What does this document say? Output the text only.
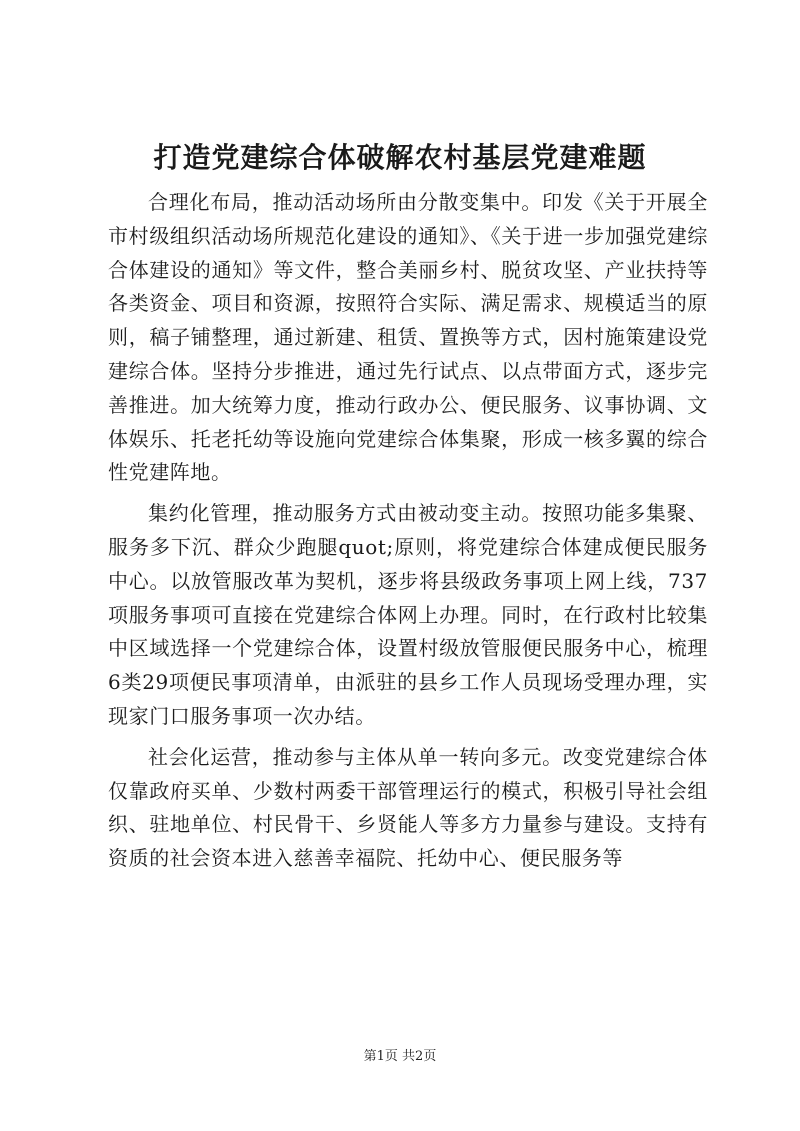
打造党建综合体破解农村基层党建难题

合理化布局，推动活动场所由分散变集中。印发《关于开展全市村级组织活动场所规范化建设的通知》、《关于进一步加强党建综合体建设的通知》等文件，整合美丽乡村、脱贫攻坚、产业扶持等各类资金、项目和资源，按照符合实际、满足需求、规模适当的原则，稿子铺整理，通过新建、租赁、置换等方式，因村施策建设党建综合体。坚持分步推进，通过先行试点、以点带面方式，逐步完善推进。加大统筹力度，推动行政办公、便民服务、议事协调、文体娱乐、托老托幼等设施向党建综合体集聚，形成一核多翼的综合性党建阵地。

集约化管理，推动服务方式由被动变主动。按照功能多集聚、服务多下沉、群众少跑腿quot;原则，将党建综合体建成便民服务中心。以放管服改革为契机，逐步将县级政务事项上网上线，737项服务事项可直接在党建综合体网上办理。同时，在行政村比较集中区域选择一个党建综合体，设置村级放管服便民服务中心，梳理6类29项便民事项清单，由派驻的县乡工作人员现场受理办理，实现家门口服务事项一次办结。

社会化运营，推动参与主体从单一转向多元。改变党建综合体仅靠政府买单、少数村两委干部管理运行的模式，积极引导社会组织、驻地单位、村民骨干、乡贤能人等多方力量参与建设。支持有资质的社会资本进入慈善幸福院、托幼中心、便民服务等

第1页 共2页
